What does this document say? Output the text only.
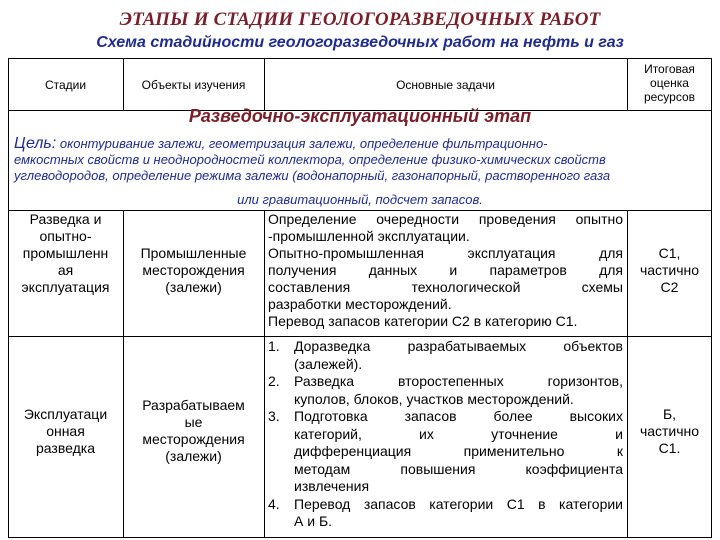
ЭТАПЫ И СТАДИИ ГЕОЛОГОРАЗВЕДОЧНЫХ РАБОТ
Схема стадийности геологоразведочных работ на нефть и газ
Стадии	Объекты изучения	Основные задачи
Итоговая
оценка
ресурсов
Разведочно-эксплуатационный этап
Цель: оконтуривание залежи, геометризация залежи, определение фильтрационно-
емкостных свойств и неоднородностей коллектора, определение физико-химических свойств
углеводородов, определение режима залежи (водонапорный, газонапорный, растворенного газа
или гравитационный, подсчет запасов.
Разведка и
опытно-
промышленн
ая
эксплуатация
Промышленные
месторождения
(залежи)
Определение очередности проведения опытно
-промышленной эксплуатации.
Опытно-промышленная эксплуатация для
получения данных и параметров для
составления технологической схемы
разработки месторождений.
Перевод запасов категории С2 в категорию С1.
С1,
частично
С2
Эксплуатаци
онная
разведка
Разрабатываем
ые
месторождения
(залежи)
1. Доразведка разрабатываемых объектов
(залежей).
2. Разведка второстепенных горизонтов,
куполов, блоков, участков месторождений.
3. Подготовка запасов более высоких
категорий, их уточнение и
дифференциация применительно к
методам повышения коэффициента
извлечения
4. Перевод запасов категории С1 в категории
А и Б.
Б,
частично
С1.
